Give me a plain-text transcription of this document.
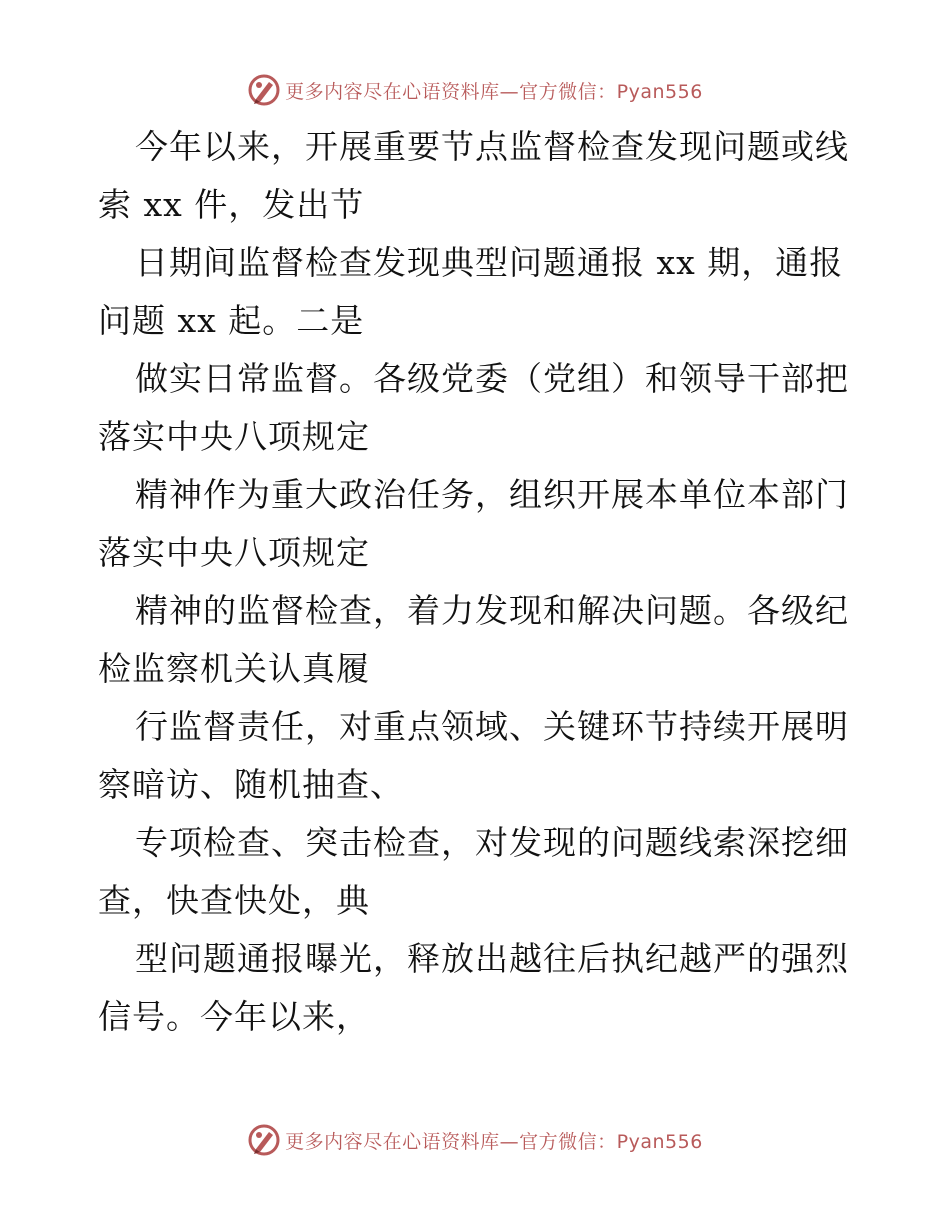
更多内容尽在心语资料库—官方微信：Pyan556
今年以来，开展重要节点监督检查发现问题或线
索 xx 件，发出节
日期间监督检查发现典型问题通报 xx 期，通报
问题 xx 起。二是
做实日常监督。各级党委（党组）和领导干部把
落实中央八项规定
精神作为重大政治任务，组织开展本单位本部门
落实中央八项规定
精神的监督检查，着力发现和解决问题。各级纪
检监察机关认真履
行监督责任，对重点领域、关键环节持续开展明
察暗访、随机抽查、
专项检查、突击检查，对发现的问题线索深挖细
查，快查快处，典
型问题通报曝光，释放出越往后执纪越严的强烈
信号。今年以来，
更多内容尽在心语资料库—官方微信：Pyan556
